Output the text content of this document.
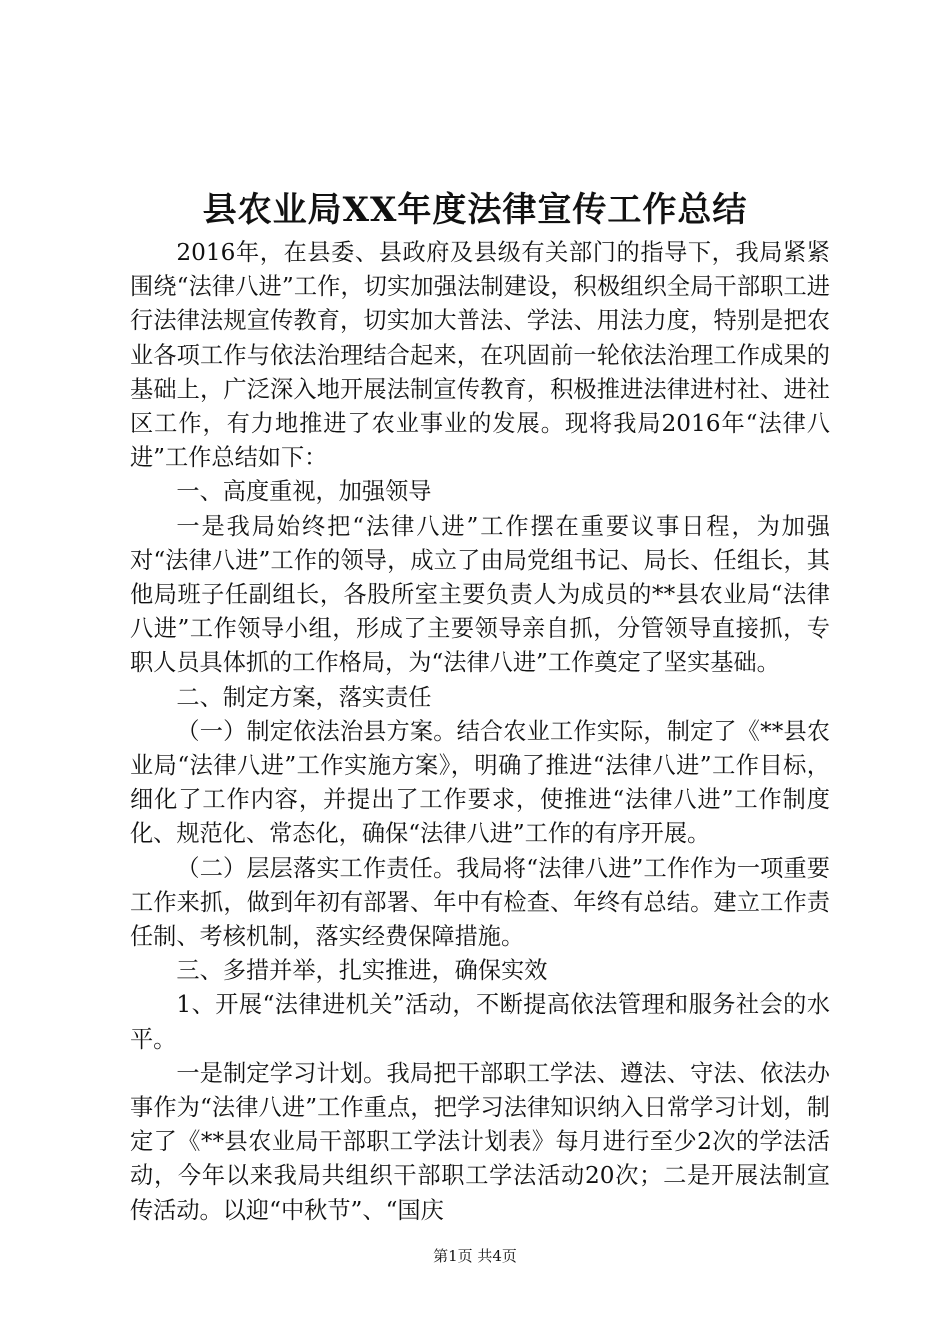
县农业局XX年度法律宣传工作总结

2016年，在县委、县政府及县级有关部门的指导下，我局紧紧围绕“法律八进”工作，切实加强法制建设，积极组织全局干部职工进行法律法规宣传教育，切实加大普法、学法、用法力度，特别是把农业各项工作与依法治理结合起来，在巩固前一轮依法治理工作成果的基础上，广泛深入地开展法制宣传教育，积极推进法律进村社、进社区工作，有力地推进了农业事业的发展。现将我局2016年“法律八进”工作总结如下：

一、高度重视，加强领导

一是我局始终把“法律八进”工作摆在重要议事日程，为加强对“法律八进”工作的领导，成立了由局党组书记、局长、任组长，其他局班子任副组长，各股所室主要负责人为成员的**县农业局“法律八进”工作领导小组，形成了主要领导亲自抓，分管领导直接抓，专职人员具体抓的工作格局，为“法律八进”工作奠定了坚实基础。

二、制定方案，落实责任

（一）制定依法治县方案。结合农业工作实际，制定了《**县农业局“法律八进”工作实施方案》，明确了推进“法律八进”工作目标，细化了工作内容，并提出了工作要求，使推进“法律八进”工作制度化、规范化、常态化，确保“法律八进”工作的有序开展。

（二）层层落实工作责任。我局将“法律八进”工作作为一项重要工作来抓，做到年初有部署、年中有检查、年终有总结。建立工作责任制、考核机制，落实经费保障措施。

三、多措并举，扎实推进，确保实效

1、开展“法律进机关”活动，不断提高依法管理和服务社会的水平。

一是制定学习计划。我局把干部职工学法、遵法、守法、依法办事作为“法律八进”工作重点，把学习法律知识纳入日常学习计划，制定了《**县农业局干部职工学法计划表》每月进行至少2次的学法活动，今年以来我局共组织干部职工学法活动20次；二是开展法制宣传活动。以迎“中秋节”、“国庆

第1页 共4页
